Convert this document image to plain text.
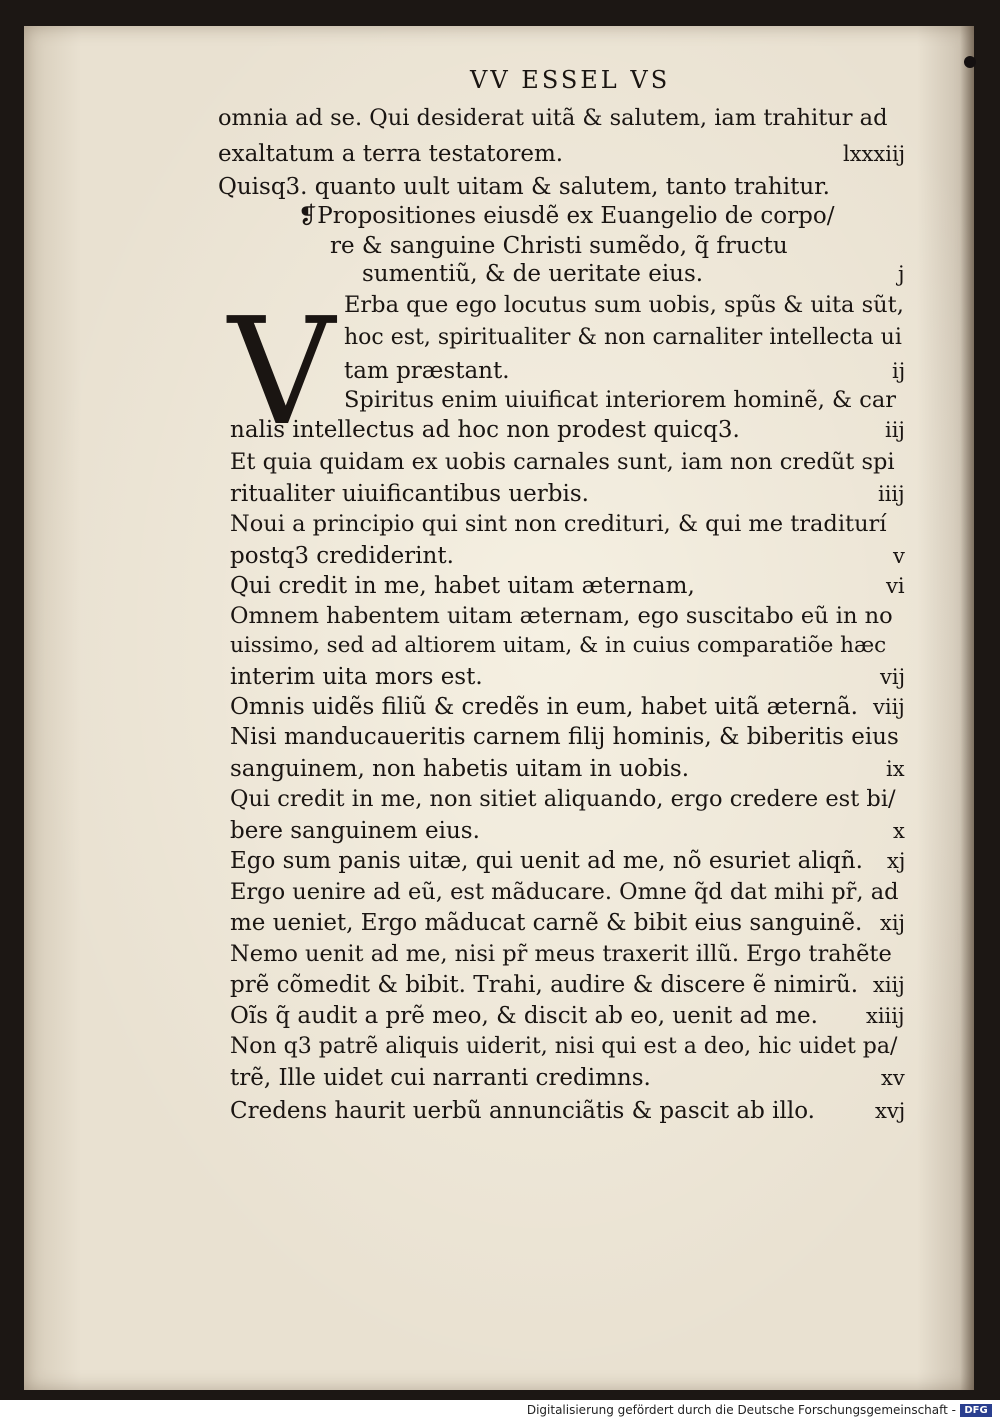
VV ESSEL VS
V
omnia ad se. Qui desiderat uitã & salutem, iam trahitur ad
exaltatum a terra testatorem.	lxxxiij
Quisq3. quanto uult uitam & salutem, tanto trahitur.
❡Propositiones eiusdẽ ex Euangelio de corpo/
re & sanguine Christi sumẽdo, q̃ fructu
sumentiũ, & de ueritate eius.	j
Erba que ego locutus sum uobis, spũs & uita sũt,
hoc est, spiritualiter & non carnaliter intellecta ui
tam præstant.	ij
Spiritus enim uiuificat interiorem hominẽ, & car
nalis intellectus ad hoc non prodest quicq3.	iij
Et quia quidam ex uobis carnales sunt, iam non credũt spi
ritualiter uiuificantibus uerbis.	iiij
Noui a principio qui sint non credituri, & qui me traditurí
postq3 crediderint.	v
Qui credit in me, habet uitam æternam,	vi
Omnem habentem uitam æternam, ego suscitabo eũ in no
uissimo, sed ad altiorem uitam, & in cuius comparatiõe hæc
interim uita mors est.	vij
Omnis uidẽs filiũ & credẽs in eum, habet uitã æternã. viij
Nisi manducaueritis carnem filij hominis, & biberitis eius
sanguinem, non habetis uitam in uobis.	ix
Qui credit in me, non sitiet aliquando, ergo credere est bi/
bere sanguinem eius.	x
Ego sum panis uitæ, qui uenit ad me, nõ esuriet aliqñ. xj
Ergo uenire ad eũ, est mãducare. Omne q̃d dat mihi pr̃, ad
me ueniet, Ergo mãducat carnẽ & bibit eius sanguinẽ. xij
Nemo uenit ad me, nisi pr̃ meus traxerit illũ. Ergo trahẽte
prẽ cõmedit & bibit. Trahi, audire & discere ẽ nimirũ. xiij
Oĩs q̃ audit a prẽ meo, & discit ab eo, uenit ad me. xiiij
Non q3 patrẽ aliquis uiderit, nisi qui est a deo, hic uidet pa/
trẽ, Ille uidet cui narranti credimns.	xv
Credens haurit uerbũ annunciãtis & pascit ab illo.	xvj
Digitalisierung gefördert durch die Deutsche Forschungsgemeinschaft - DFG
